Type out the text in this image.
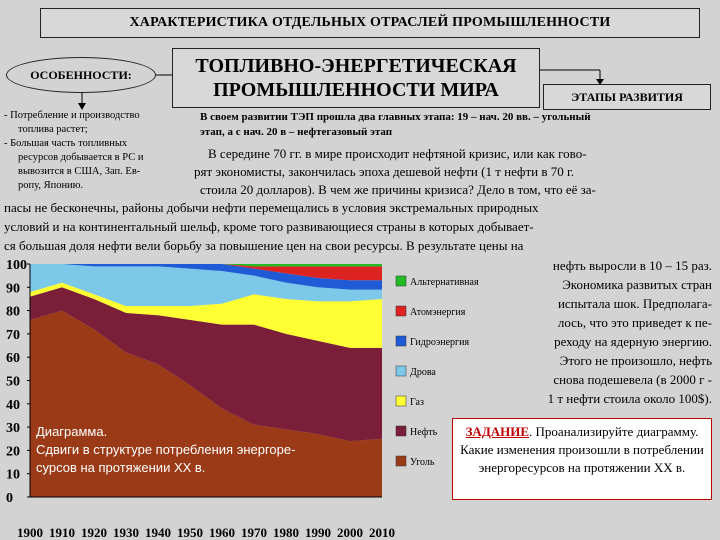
ХАРАКТЕРИСТИКА ОТДЕЛЬНЫХ ОТРАСЛЕЙ ПРОМЫШЛЕННОСТИ
ОСОБЕННОСТИ:	ТОПЛИВНО-ЭНЕРГЕТИЧЕСКАЯ
ПРОМЫШЛЕННОСТИ МИРА	ЭТАПЫ РАЗВИТИЯ
- Потребление и производство
топлива растет;
- Большая часть топливных
ресурсов добывается в РС и
вывозится в США, Зап. Ев-
ропу, Японию.
В своем развитии ТЭП прошла два главных этапа: 19 – нач. 20 вв. – угольный
этап, а с нач. 20 в – нефтегазовый этап
В середине 70 гг. в мире происходит нефтяной кризис, или как гово-
рят экономисты, закончилась эпоха дешевой нефти (1 т нефти в 70 г.
стоила 20 долларов). В чем же причины кризиса? Дело в том, что её за-
пасы не бесконечны, районы добычи нефти перемещались в условия экстремальных природных
условий и на континентальный шельф, кроме того развивающиеся страны в которых добывает-
ся большая доля нефти вели борьбу за повышение цен на свои ресурсы. В результате цены на
нефть выросли в 10 – 15 раз.
Экономика развитых стран
испытала шок. Предполага-
лось, что это приведет к пе-
реходу на ядерную энергию.
Этого не произошло, нефть
снова подешевела (в 2000 г -
1 т нефти стоила около 100$).
ЗАДАНИЕ. Проанализируйте диаграмму. Какие изменения произошли в потреблении энергоресурсов на протяжении XX в.
0
10
20
30
40
50
60
70
80
90
100
1900 1910 1920 1930 1940 1950 1960 1970 1980 1990 2000 2010
Альтернативная
Атомэнергия
Гидроэнергия
Дрова
Газ
Нефть
Уголь
Диаграмма.
Сдвиги в структуре потребления энергоре-
сурсов на протяжении XX в.
